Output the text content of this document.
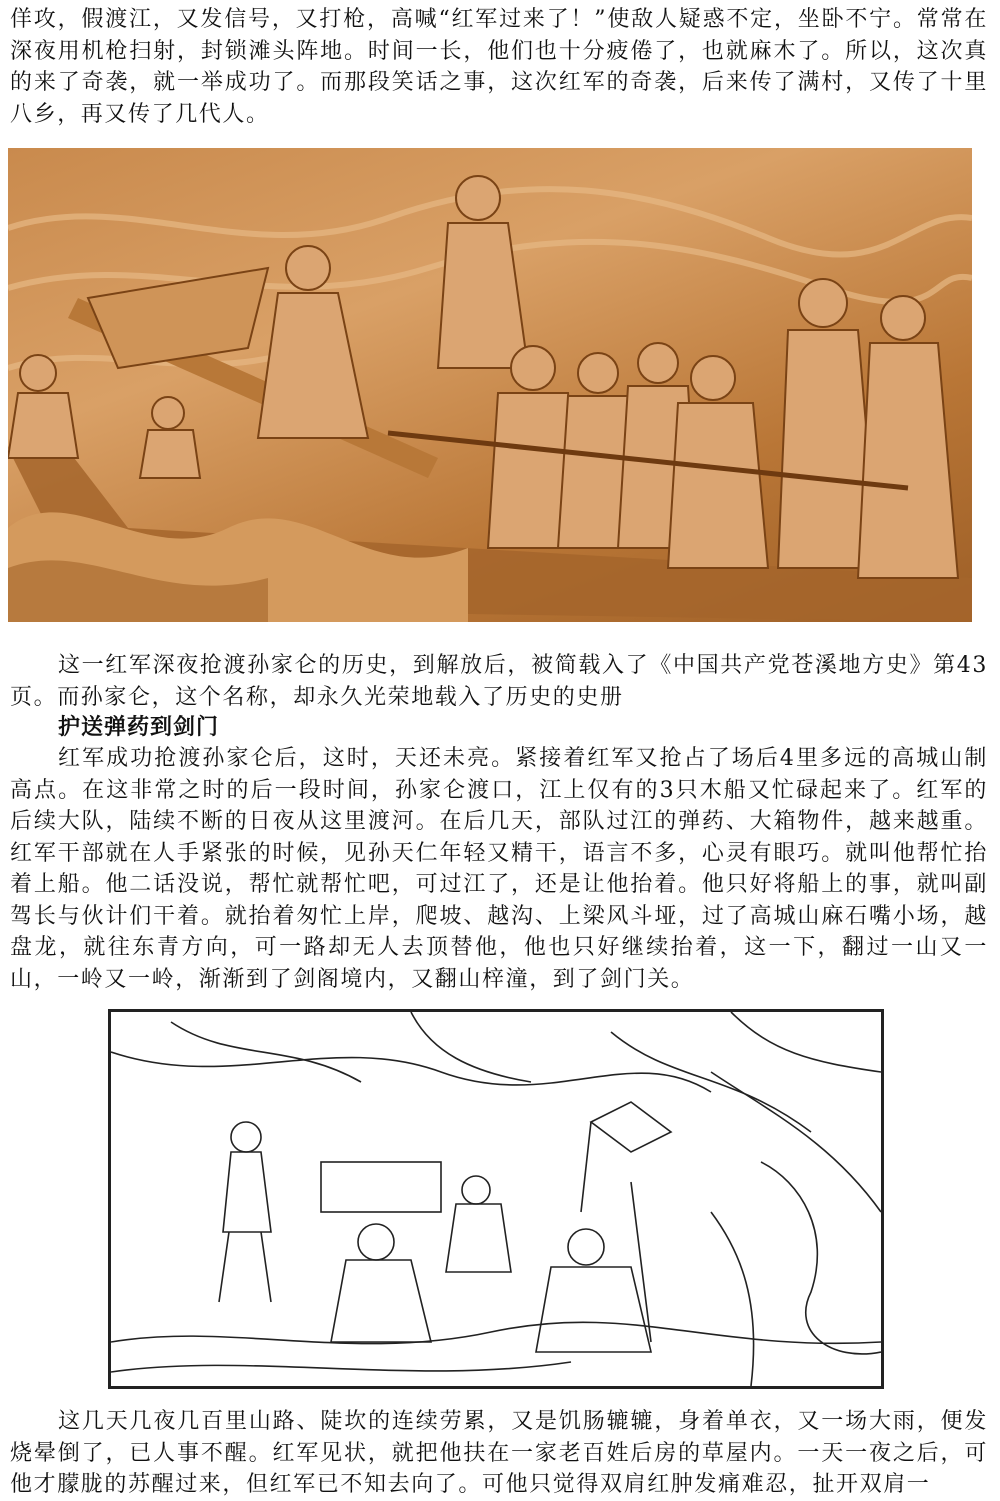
佯攻，假渡江，又发信号，又打枪，高喊“红军过来了！”使敌人疑惑不定，坐卧不宁。常常在深夜用机枪扫射，封锁滩头阵地。时间一长，他们也十分疲倦了，也就麻木了。所以，这次真的来了奇袭，就一举成功了。而那段笑话之事，这次红军的奇袭，后来传了满村，又传了十里八乡，再又传了几代人。

这一红军深夜抢渡孙家仑的历史，到解放后，被简载入了《中国共产党苍溪地方史》第43页。而孙家仑，这个名称，却永久光荣地载入了历史的史册

护送弹药到剑门

红军成功抢渡孙家仑后，这时，天还未亮。紧接着红军又抢占了场后4里多远的高城山制高点。在这非常之时的后一段时间，孙家仑渡口，江上仅有的3只木船又忙碌起来了。红军的后续大队，陆续不断的日夜从这里渡河。在后几天，部队过江的弹药、大箱物件，越来越重。红军干部就在人手紧张的时候，见孙天仁年轻又精干，语言不多，心灵有眼巧。就叫他帮忙抬着上船。他二话没说，帮忙就帮忙吧，可过江了，还是让他抬着。他只好将船上的事，就叫副驾长与伙计们干着。就抬着匆忙上岸，爬坡、越沟、上梁风斗垭，过了高城山麻石嘴小场，越盘龙，就往东青方向，可一路却无人去顶替他，他也只好继续抬着，这一下，翻过一山又一山，一岭又一岭，渐渐到了剑阁境内，又翻山梓潼，到了剑门关。

这几天几夜几百里山路、陡坎的连续劳累，又是饥肠辘辘，身着单衣，又一场大雨，便发烧晕倒了，已人事不醒。红军见状，就把他扶在一家老百姓后房的草屋内。一天一夜之后，可他才朦胧的苏醒过来，但红军已不知去向了。可他只觉得双肩红肿发痛难忍，扯开双肩一
